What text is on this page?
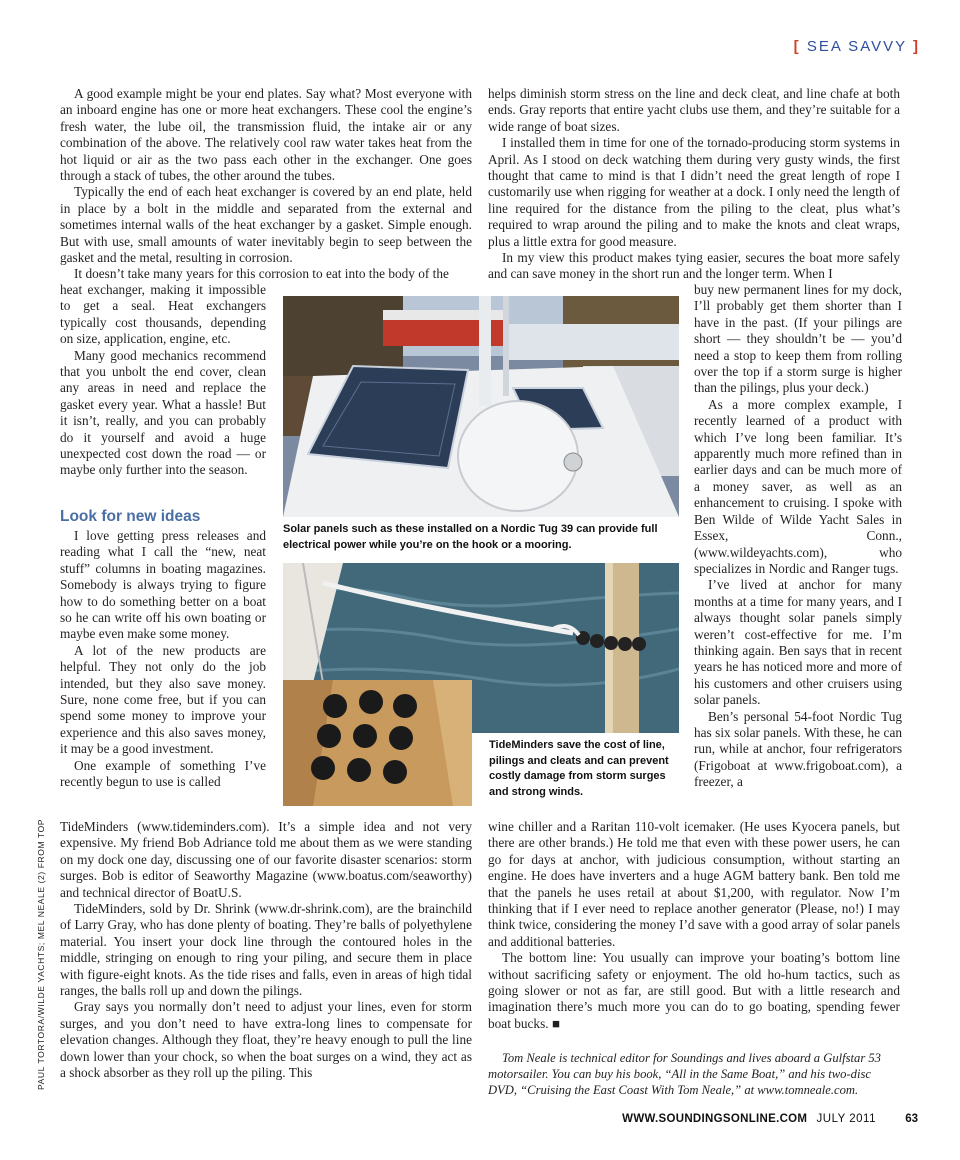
[ SEA SAVVY ]

A good example might be your end plates. Say what? Most everyone with an inboard engine has one or more heat exchangers. These cool the engine’s fresh water, the lube oil, the transmission fluid, the intake air or any combination of the above. The relatively cool raw water takes heat from the hot liquid or air as the two pass each other in the exchanger. One goes through a stack of tubes, the other around the tubes.

Typically the end of each heat exchanger is covered by an end plate, held in place by a bolt in the middle and separated from the external and sometimes internal walls of the heat exchanger by a gasket. Simple enough. But with use, small amounts of water inevitably begin to seep between the gasket and the metal, resulting in corrosion.

It doesn’t take many years for this corrosion to eat into the body of the

heat exchanger, making it impossible to get a seal. Heat exchangers typically cost thousands, depending on size, application, engine, etc.

Many good mechanics recommend that you unbolt the end cover, clean any areas in need and replace the gasket every year. What a hassle! But it isn’t, really, and you can probably do it yourself and avoid a huge unexpected cost down the road — or maybe only further into the season.

Look for new ideas

I love getting press releases and reading what I call the “new, neat stuff” columns in boating magazines. Somebody is always trying to figure how to do something better on a boat so he can write off his own boating or maybe even make some money.

A lot of the new products are helpful. They not only do the job intended, but they also save money. Sure, none come free, but if you can spend some money to improve your experience and this also saves money, it may be a good investment.

One example of something I’ve recently begun to use is called

TideMinders (www.tideminders.com). It’s a simple idea and not very expensive. My friend Bob Adriance told me about them as we were standing on my dock one day, discussing one of our favorite disaster scenarios: storm surges. Bob is editor of Seaworthy Magazine (www.boatus.com/seaworthy) and technical director of BoatU.S.

TideMinders, sold by Dr. Shrink (www.dr-shrink.com), are the brainchild of Larry Gray, who has done plenty of boating. They’re balls of polyethylene material. You insert your dock line through the contoured holes in the middle, stringing on enough to ring your piling, and secure them in place with figure-eight knots. As the tide rises and falls, even in areas of high tidal ranges, the balls roll up and down the pilings.

Gray says you normally don’t need to adjust your lines, even for storm surges, and you don’t need to have extra-long lines to compensate for elevation changes. Although they float, they’re heavy enough to pull the line down lower than your chock, so when the boat surges on a wind, they act as a shock absorber as they roll up the piling. This

helps diminish storm stress on the line and deck cleat, and line chafe at both ends. Gray reports that entire yacht clubs use them, and they’re suitable for a wide range of boat sizes.

I installed them in time for one of the tornado-producing storm systems in April. As I stood on deck watching them during very gusty winds, the first thought that came to mind is that I didn’t need the great length of rope I customarily use when rigging for weather at a dock. I only need the length of line required for the distance from the piling to the cleat, plus what’s required to wrap around the piling and to make the knots and cleat wraps, plus a little extra for good measure.

In my view this product makes tying easier, secures the boat more safely and can save money in the short run and the longer term. When I

buy new permanent lines for my dock, I’ll probably get them shorter than I have in the past. (If your pilings are short — they shouldn’t be — you’d need a stop to keep them from rolling over the top if a storm surge is higher than the pilings, plus your deck.)

As a more complex example, I recently learned of a product with which I’ve long been familiar. It’s apparently much more refined than in earlier days and can be much more of a money saver, as well as an enhancement to cruising. I spoke with Ben Wilde of Wilde Yacht Sales in Essex, Conn., (www.wildeyachts.com), who specializes in Nordic and Ranger tugs.

I’ve lived at anchor for many months at a time for many years, and I always thought solar panels simply weren’t cost-effective for me. I’m thinking again. Ben says that in recent years he has noticed more and more of his customers and other cruisers using solar panels.

Ben’s personal 54-foot Nordic Tug has six solar panels. With these, he can run, while at anchor, four refrigerators (Frigoboat at www.frigoboat.com), a freezer, a

wine chiller and a Raritan 110-volt icemaker. (He uses Kyocera panels, but there are other brands.) He told me that even with these power users, he can go for days at anchor, with judicious consumption, without starting an engine. He does have inverters and a huge AGM battery bank. Ben told me that the panels he uses retail at about $1,200, with regulator. Now I’m thinking that if I ever need to replace another generator (Please, no!) I may think twice, considering the money I’d save with a good array of solar panels and additional batteries.

The bottom line: You usually can improve your boating’s bottom line without sacrificing safety or enjoyment. The old ho-hum tactics, such as going slower or not as far, are still good. But with a little research and imagination there’s much more you can do to go boating, spending fewer boat bucks. ■

Solar panels such as these installed on a Nordic Tug 39 can provide full electrical power while you’re on the hook or a mooring.
TideMinders save the cost of line, pilings and cleats and can prevent costly damage from storm surges and strong winds.
PAUL TORTORA/WILDE YACHTS; MEL NEALE (2) FROM TOP	Tom Neale is technical editor for Soundings and lives aboard a Gulfstar 53 motorsailer. You can buy his book, “All in the Same Boat,” and his two-disc DVD, “Cruising the East Coast With Tom Neale,” at www.tomneale.com.
WWW.SOUNDINGSONLINE.COM JULY 2011	63
